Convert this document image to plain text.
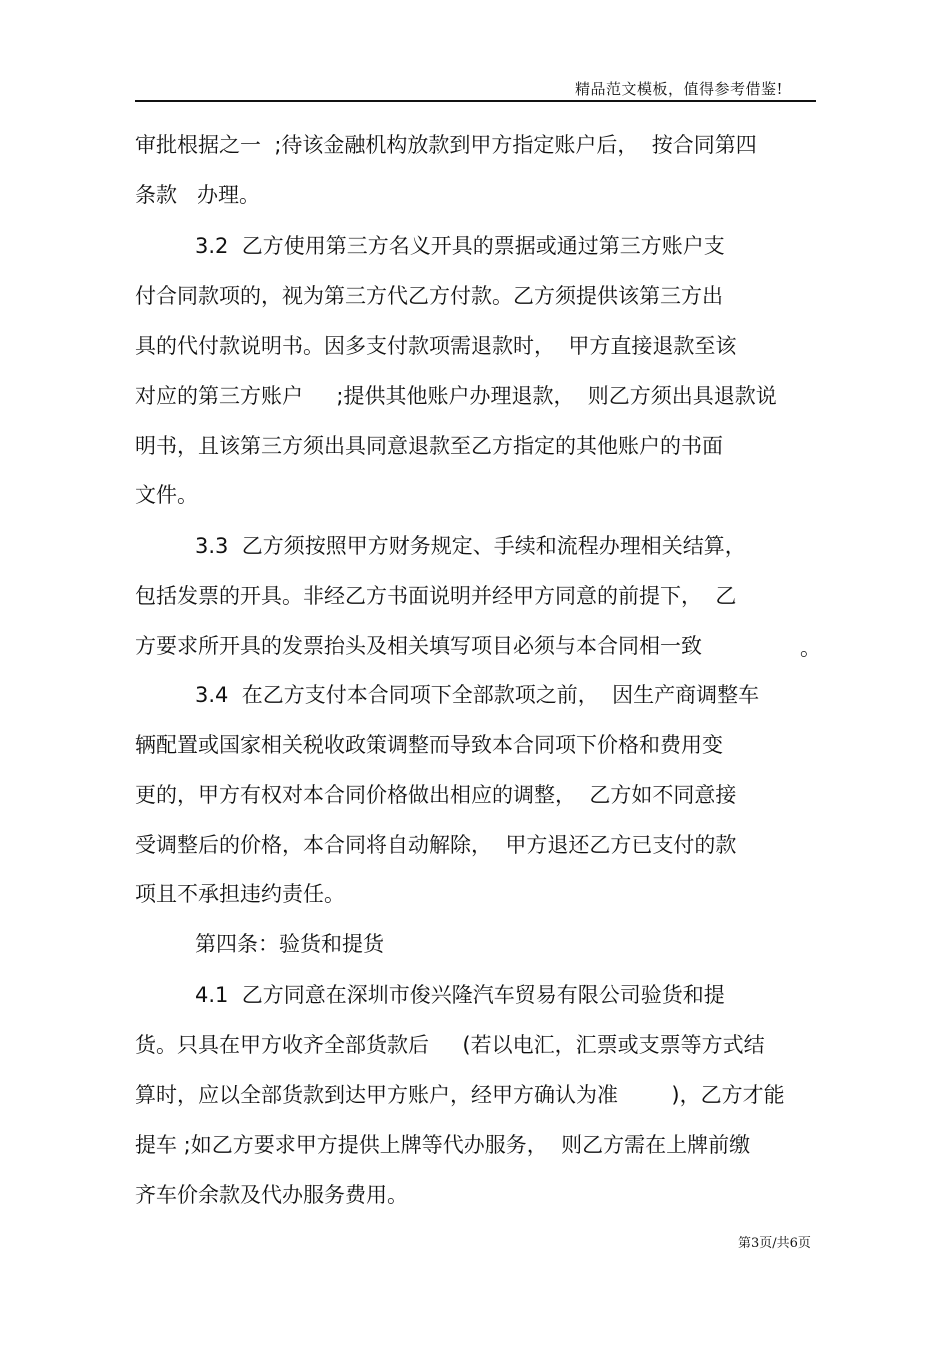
精品范文模板，值得参考借鉴!
审批根据之一  ;待该金融机构放款到甲方指定账户后，  按合同第四
条款   办理。
3.2  乙方使用第三方名义开具的票据或通过第三方账户支
付合同款项的，视为第三方代乙方付款。乙方须提供该第三方出
具的代付款说明书。因多支付款项需退款时，  甲方直接退款至该
对应的第三方账户     ;提供其他账户办理退款，  则乙方须出具退款说
明书，且该第三方须出具同意退款至乙方指定的其他账户的书面
文件。
3.3  乙方须按照甲方财务规定、手续和流程办理相关结算，
包括发票的开具。非经乙方书面说明并经甲方同意的前提下，  乙
方要求所开具的发票抬头及相关填写项目必须与本合同相一致	。
3.4  在乙方支付本合同项下全部款项之前，  因生产商调整车
辆配置或国家相关税收政策调整而导致本合同项下价格和费用变
更的，甲方有权对本合同价格做出相应的调整，  乙方如不同意接
受调整后的价格，本合同将自动解除，  甲方退还乙方已支付的款
项且不承担违约责任。
第四条：验货和提货
4.1  乙方同意在深圳市俊兴隆汽车贸易有限公司验货和提
货。只具在甲方收齐全部货款后     (若以电汇，汇票或支票等方式结
算时，应以全部货款到达甲方账户，经甲方确认为准        )，乙方才能
提车 ;如乙方要求甲方提供上牌等代办服务，  则乙方需在上牌前缴
齐车价余款及代办服务费用。
第3页/共6页
